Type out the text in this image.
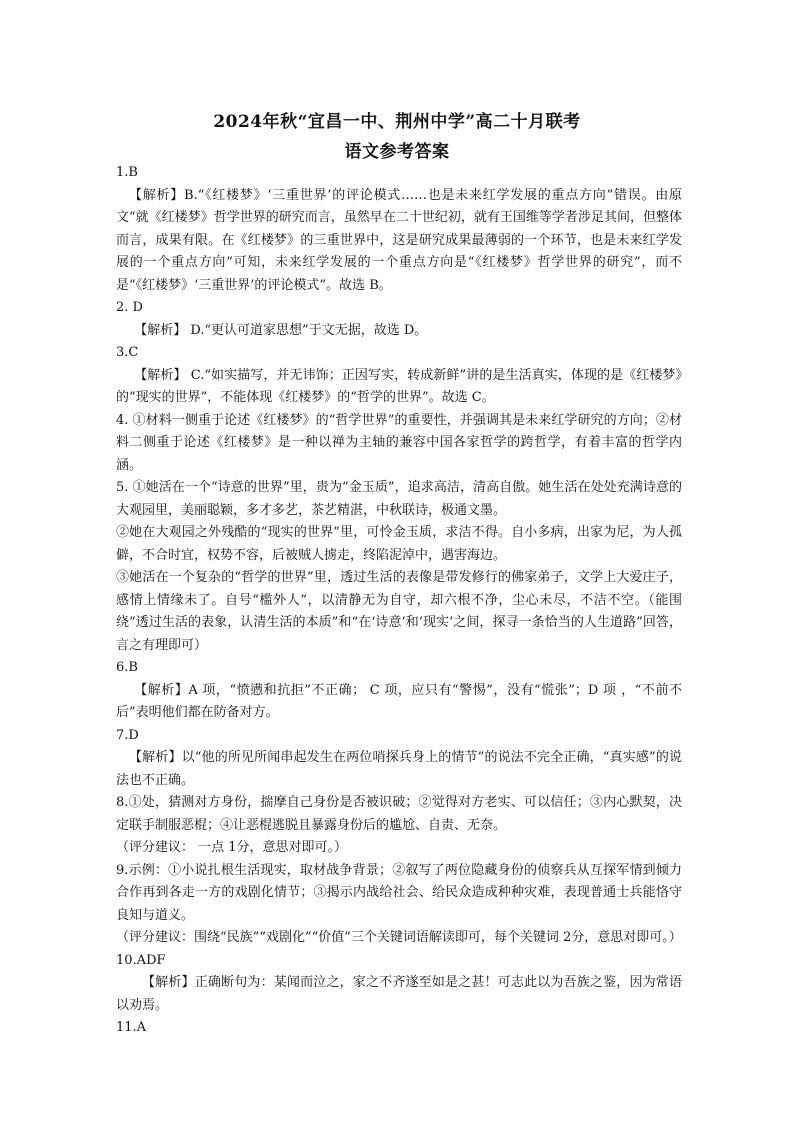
2024年秋“宜昌一中、荆州中学”高二十月联考
语文参考答案

1.B

【解析】B.“《红楼梦》‘三重世界’的评论模式……也是未来红学发展的重点方向”错误。由原文“就《红楼梦》哲学世界的研究而言，虽然早在二十世纪初，就有王国维等学者涉足其间，但整体而言，成果有限。在《红楼梦》的三重世界中，这是研究成果最薄弱的一个环节，也是未来红学发展的一个重点方向”可知，未来红学发展的一个重点方向是“《红楼梦》哲学世界的研究”，而不是“《红楼梦》‘三重世界’的评论模式”。故选 B。

2. D

【解析】 D.“更认可道家思想”于文无据，故选 D。

3.C

【解析】 C.“如实描写，并无讳饰；正因写实，转成新鲜”讲的是生活真实，体现的是《红楼梦》的“现实的世界”，不能体现《红楼梦》的“哲学的世界”。故选 C。

4. ①材料一侧重于论述《红楼梦》的“哲学世界”的重要性，并强调其是未来红学研究的方向；②材料二侧重于论述《红楼梦》是一种以禅为主轴的兼容中国各家哲学的跨哲学，有着丰富的哲学内涵。

5. ①她活在一个“诗意的世界”里，贵为“金玉质”，追求高洁，清高自傲。她生活在处处充满诗意的大观园里，美丽聪颖，多才多艺，茶艺精湛，中秋联诗，极通文墨。

②她在大观园之外残酷的“现实的世界”里，可怜金玉质，求洁不得。自小多病，出家为尼，为人孤僻，不合时宜，权势不容，后被贼人掳走，终陷泥淖中，遇害海边。

③她活在一个复杂的“哲学的世界”里，透过生活的表像是带发修行的佛家弟子，文学上大爱庄子，感情上情缘未了。自号“槛外人”，以清静无为自守，却六根不净，尘心未尽，不洁不空。（能围绕“透过生活的表象，认清生活的本质”和“在‘诗意’和‘现实’之间，探寻一条恰当的人生道路”回答，言之有理即可）

6.B

【解析】A 项，“愤懑和抗拒”不正确； C 项，应只有“警惕”，没有“慌张”；D 项 ，“不前不后”表明他们都在防备对方。

7.D

【解析】以“他的所见所闻串起发生在两位哨探兵身上的情节”的说法不完全正确，“真实感”的说法也不正确。

8.①处，猜测对方身份，揣摩自己身份是否被识破；②觉得对方老实、可以信任；③内心默契，决定联手制服恶棍；④让恶棍逃脱且暴露身份后的尴尬、自责、无奈。

（评分建议： 一点 1分，意思对即可。）

9.示例：①小说扎根生活现实，取材战争背景；②叙写了两位隐藏身份的侦察兵从互探军情到倾力合作再到各走一方的戏剧化情节；③揭示内战给社会、给民众造成种种灾难，表现普通士兵能恪守良知与道义。

（评分建议：围绕“民族”“戏剧化”“价值”三个关键词语解读即可，每个关键词 2分，意思对即可。）

10.ADF

【解析】正确断句为：某闻而泣之，家之不齐遂至如是之甚！可志此以为吾族之鉴，因为常语以劝焉。

11.A
